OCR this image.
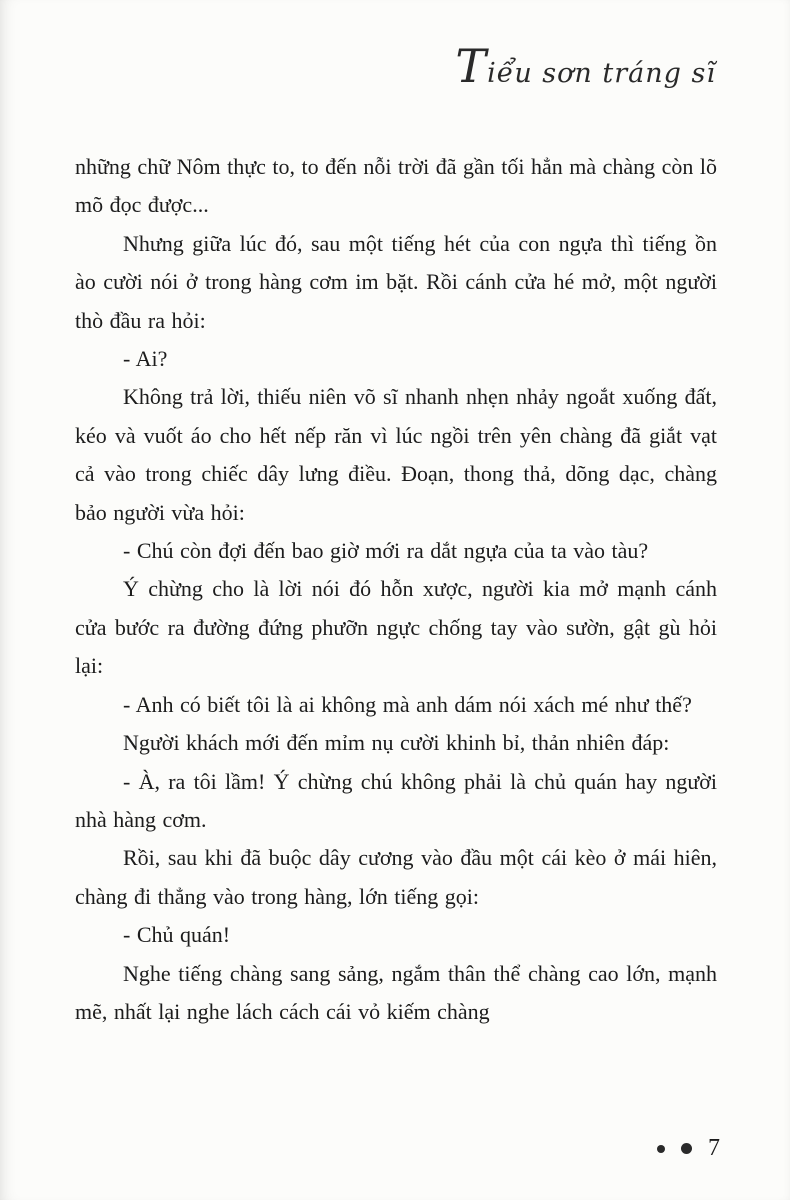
Tiểu sơn tráng sĩ

những chữ Nôm thực to, to đến nỗi trời đã gần tối hẳn mà chàng còn lõ mõ đọc được...

Nhưng giữa lúc đó, sau một tiếng hét của con ngựa thì tiếng ồn ào cười nói ở trong hàng cơm im bặt. Rồi cánh cửa hé mở, một người thò đầu ra hỏi:

- Ai?

Không trả lời, thiếu niên võ sĩ nhanh nhẹn nhảy ngoắt xuống đất, kéo và vuốt áo cho hết nếp răn vì lúc ngồi trên yên chàng đã giắt vạt cả vào trong chiếc dây lưng điều. Đoạn, thong thả, dõng dạc, chàng bảo người vừa hỏi:

- Chú còn đợi đến bao giờ mới ra dắt ngựa của ta vào tàu?

Ý chừng cho là lời nói đó hỗn xược, người kia mở mạnh cánh cửa bước ra đường đứng phưỡn ngực chống tay vào sườn, gật gù hỏi lại:

- Anh có biết tôi là ai không mà anh dám nói xách mé như thế?

Người khách mới đến mỉm nụ cười khinh bỉ, thản nhiên đáp:

- À, ra tôi lầm! Ý chừng chú không phải là chủ quán hay người nhà hàng cơm.

Rồi, sau khi đã buộc dây cương vào đầu một cái kèo ở mái hiên, chàng đi thẳng vào trong hàng, lớn tiếng gọi:

- Chủ quán!

Nghe tiếng chàng sang sảng, ngắm thân thể chàng cao lớn, mạnh mẽ, nhất lại nghe lách cách cái vỏ kiếm chàng

7
